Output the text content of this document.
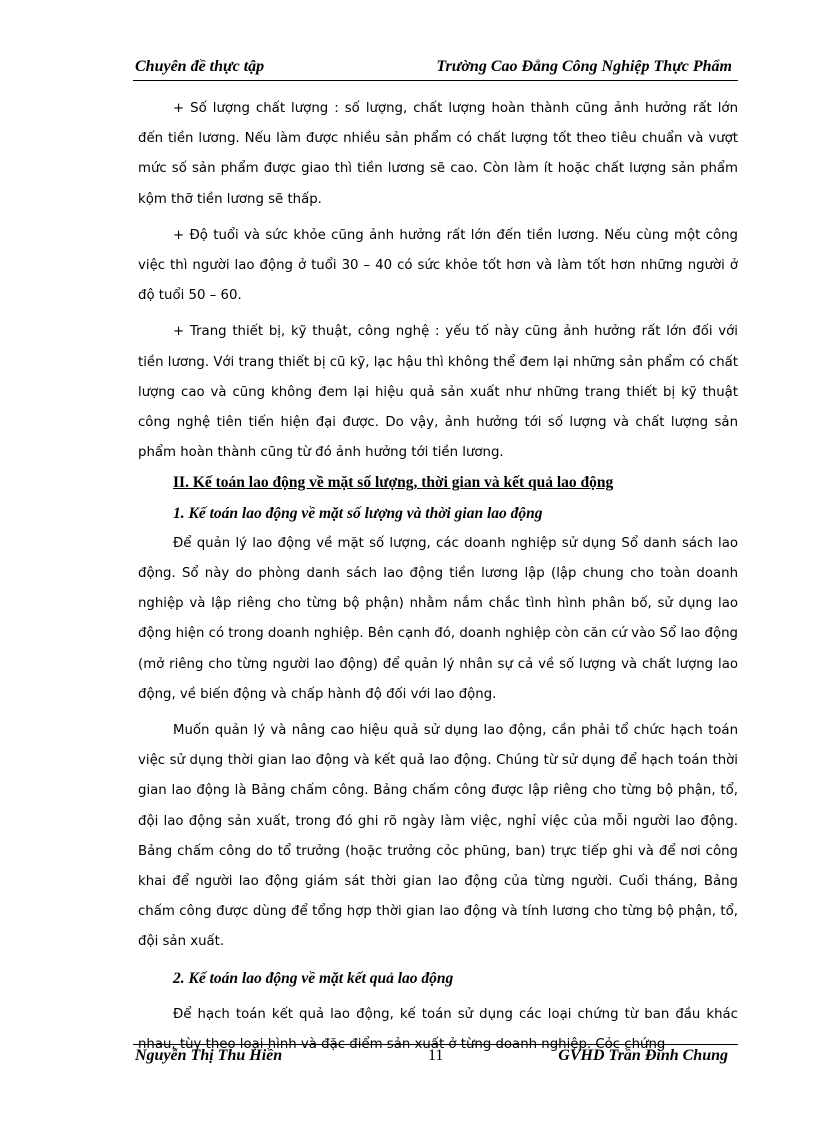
Chuyên đề thực tập	Trường Cao Đẳng Công Nghiệp Thực Phẩm

+ Số lượng chất lượng : số lượng, chất lượng hoàn thành cũng ảnh hưởng rất lớn đến tiền lương. Nếu làm được nhiều sản phẩm có chất lượng tốt theo tiêu chuẩn và vượt mức số sản phẩm được giao thì tiền lương sẽ cao. Còn làm ít hoặc chất lượng sản phẩm kộm thỡ tiền lương sẽ thấp.

+ Độ tuổi và sức khỏe cũng ảnh hưởng rất lớn đến tiền lương. Nếu cùng một công việc thì người lao động ở tuổi 30 – 40 có sức khỏe tốt hơn và làm tốt hơn những người ở độ tuổi 50 – 60.

+ Trang thiết bị, kỹ thuật, công nghệ : yếu tố này cũng ảnh hưởng rất lớn đối với tiền lương. Với trang thiết bị cũ kỹ, lạc hậu thì không thể đem lại những sản phẩm có chất lượng cao và cũng không đem lại hiệu quả sản xuất như những trang thiết bị kỹ thuật công nghệ tiên tiến hiện đại được. Do vậy, ảnh hưởng tới số lượng và chất lượng sản phẩm hoàn thành cũng từ đó ảnh hưởng tới tiền lương.

II. Kế toán lao động về mặt số lượng, thời gian và kết quả lao động

1. Kế toán lao động về mặt số lượng và thời gian lao động

Để quản lý lao động về mặt số lượng, các doanh nghiệp sử dụng Sổ danh sách lao động. Sổ này do phòng danh sách lao động tiền lương lập (lập chung cho toàn doanh nghiệp và lập riêng cho từng bộ phận) nhằm nắm chắc tình hình phân bố, sử dụng lao động hiện có trong doanh nghiệp. Bên cạnh đó, doanh nghiệp còn căn cứ vào Sổ lao động (mở riêng cho từng người lao động) để quản lý nhân sự cả về số lượng và chất lượng lao động, về biến động và chấp hành độ đối với lao động.

Muốn quản lý và nâng cao hiệu quả sử dụng lao động, cần phải tổ chức hạch toán việc sử dụng thời gian lao động và kết quả lao động. Chúng từ sử dụng để hạch toán thời gian lao động là Bảng chấm công. Bảng chấm công được lập riêng cho từng bộ phận, tổ, đội lao động sản xuất, trong đó ghi rõ ngày làm việc, nghỉ việc của mỗi người lao động. Bảng chấm công do tổ trưởng (hoặc trưởng cỏc phũng, ban) trực tiếp ghi và để nơi công khai để người lao động giám sát thời gian lao động của từng người. Cuối tháng, Bảng chấm công được dùng để tổng hợp thời gian lao động và tính lương cho từng bộ phận, tổ, đội sản xuất.

2. Kế toán lao động về mặt kết quả lao động

Để hạch toán kết quả lao động, kế toán sử dụng các loại chứng từ ban đầu khác nhau, tùy theo loại hình và đặc điểm sản xuất ở từng doanh nghiệp. Cỏc chứng

Nguyễn Thị Thu Hiền	11	GVHD Trần Đình Chung
